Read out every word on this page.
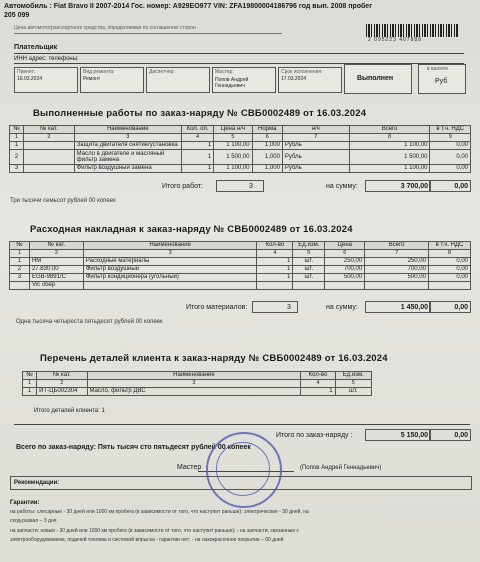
Автомобиль : Fiat Bravo II 2007-2014 Гос. номер: A929EO977 VIN: ZFA19800004186796 год вып. 2008 пробег
205 099
Цена автомототранспортного средства, определяемая по соглашению сторон
2 095223 407888
Плательщик
ИНН адрес: телефоны:
Принят:
16.03.2024
Вид ремонта:
Ремонт
Диспетчер:	Мастер:
Попов Андрей Геннадьевич
Срок исполнения:
17.03.2024	Выполнен
в валюте
Руб
Выполненные работы по заказ-наряду № СВБ0002489 от 16.03.2024
№	№ кат.	Наименование	Кол. оп.	Цена н/ч	Норма	н/ч	Всего	в т.ч. НДС
1	2	3	4	5	6	7	8	9
1		Защита двигателя снятие/установка	1	1 100,00	1,000	Рубль	1 100,00	0,00
2		Масло в двигателе и масляный фильтр замена	1	1 500,00	1,000	Рубль	1 500,00	0,00
3		Фильтр воздушный замена	1	1 100,00	1,000	Рубль	1 100,00	0,00
Итого работ:	3	на сумму:	3 700,00	0,00
Три тысячи семьсот рублей 00 копеек
Расходная накладная к заказ-наряду № СВБ0002489 от 16.03.2024
№	№ кат.	Наименование	Кол-во	Ед.изм.	Цена	Всего	в т.ч. НДС
1	2	3	4	5	6	7	8
1	НМ	Расходные материалы	1	шт.	250,00	250,00	0,00
2	27.830.00	Фильтр воздушный	1	шт.	700,00	700,00	0,00
3	EGB-9891/C	Фильтр кондиционера (угольный)	1	шт.	500,00	500,00	0,00
	Vic обер						
Итого материалов:	3	на сумму:	1 450,00	0,00
Одна тысяча четыреста пятьдесят рублей 00 копеек
Перечень деталей клиента к заказ-наряду № СВБ0002489 от 16.03.2024
№	№ кат.	Наименование	Кол-во	Ед.изм.
1	2	3	4	5
1	ИТ-ЦБ002304	Масло, фильтр ДВС	1	шт.
Итого деталей клиента: 1
Итого по заказ-наряду :	5 150,00	0,00
Всего по заказ-наряду: Пять тысяч сто пятьдесят рублей 00 копеек
Мастер	(Попов Андрей Геннадьевич)
Рекомендации:
Гарантии:
на работы: слесарные - 30 дней или 1000 км пробега (в зависимости от того, что наступит раньше); электрические - 30 дней, на
сход-развал – 3 дня
на запчасти: новые - 30 дней или 1000 км пробега (в зависимости от того, что наступит раньше); - на запчасти, связанные с
электрооборудованием, подачей топлива и системой впрыска - гарантии нет; - на лакокрасочное покрытие – 60 дней
